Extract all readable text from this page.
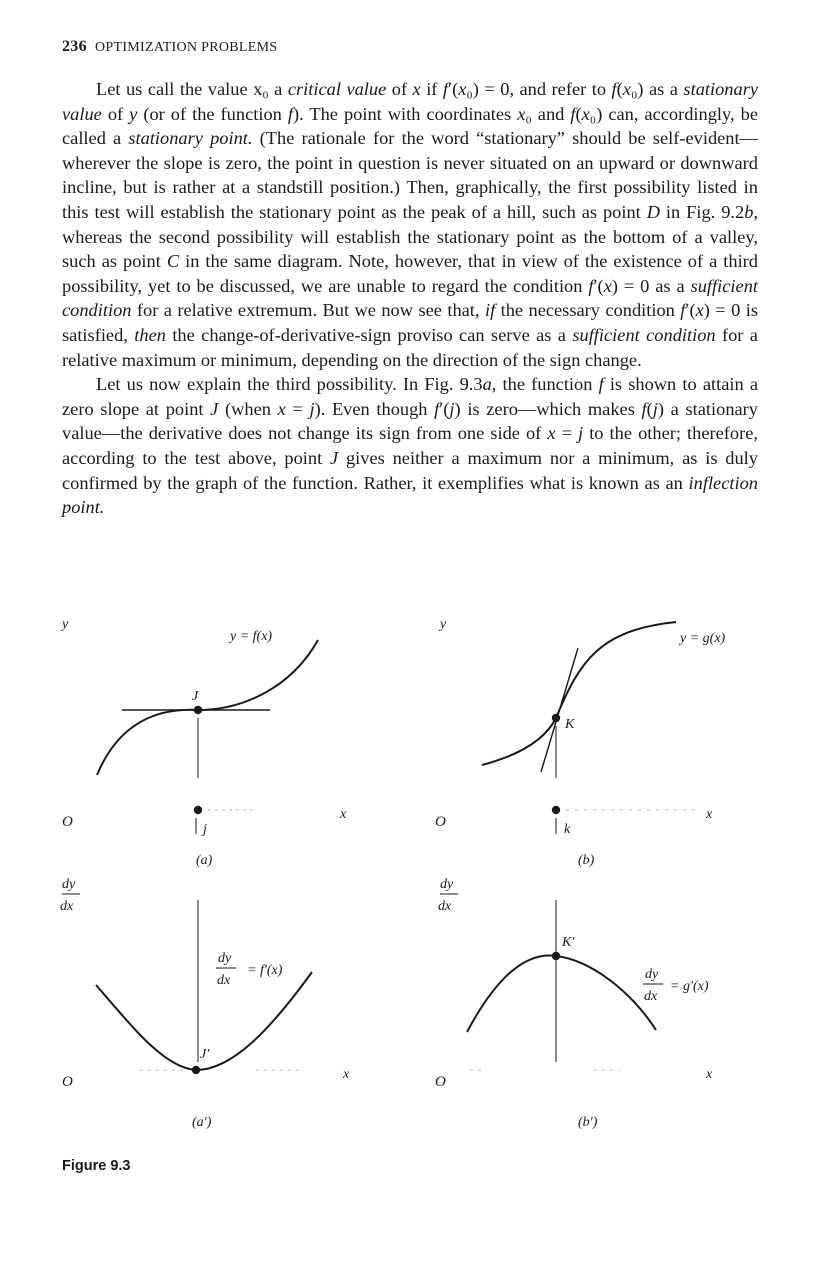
236 OPTIMIZATION PROBLEMS

Let us call the value x₀ a critical value of x if f′(x₀) = 0, and refer to f(x₀) as a stationary value of y (or of the function f). The point with coordinates x₀ and f(x₀) can, accordingly, be called a stationary point. (The rationale for the word “stationary” should be self-evident—wherever the slope is zero, the point in question is never situated on an upward or downward incline, but is rather at a standstill position.) Then, graphically, the first possibility listed in this test will establish the stationary point as the peak of a hill, such as point D in Fig. 9.2b, whereas the second possibility will establish the stationary point as the bottom of a valley, such as point C in the same diagram. Note, however, that in view of the existence of a third possibility, yet to be discussed, we are unable to regard the condition f′(x) = 0 as a sufficient condition for a relative extremum. But we now see that, if the necessary condition f′(x) = 0 is satisfied, then the change-of-derivative-sign proviso can serve as a sufficient condition for a relative maximum or minimum, depending on the direction of the sign change.

Let us now explain the third possibility. In Fig. 9.3a, the function f is shown to attain a zero slope at point J (when x = j). Even though f′(j) is zero—which makes f(j) a stationary value—the derivative does not change its sign from one side of x = j to the other; therefore, according to the test above, point J gives neither a maximum nor a minimum, as is duly confirmed by the graph of the function. Rather, it exemplifies what is known as an inflection point.

y
y = f(x)
J
j
O	x
(a)
y
y = g(x)
K
k
O	x
(b)
dy
dx
dy
dx
= f′(x)
J′
O	x
(a′)
dy
dx
K′
dy
dx
= g′(x)
O	x
(b′)
Figure 9.3
